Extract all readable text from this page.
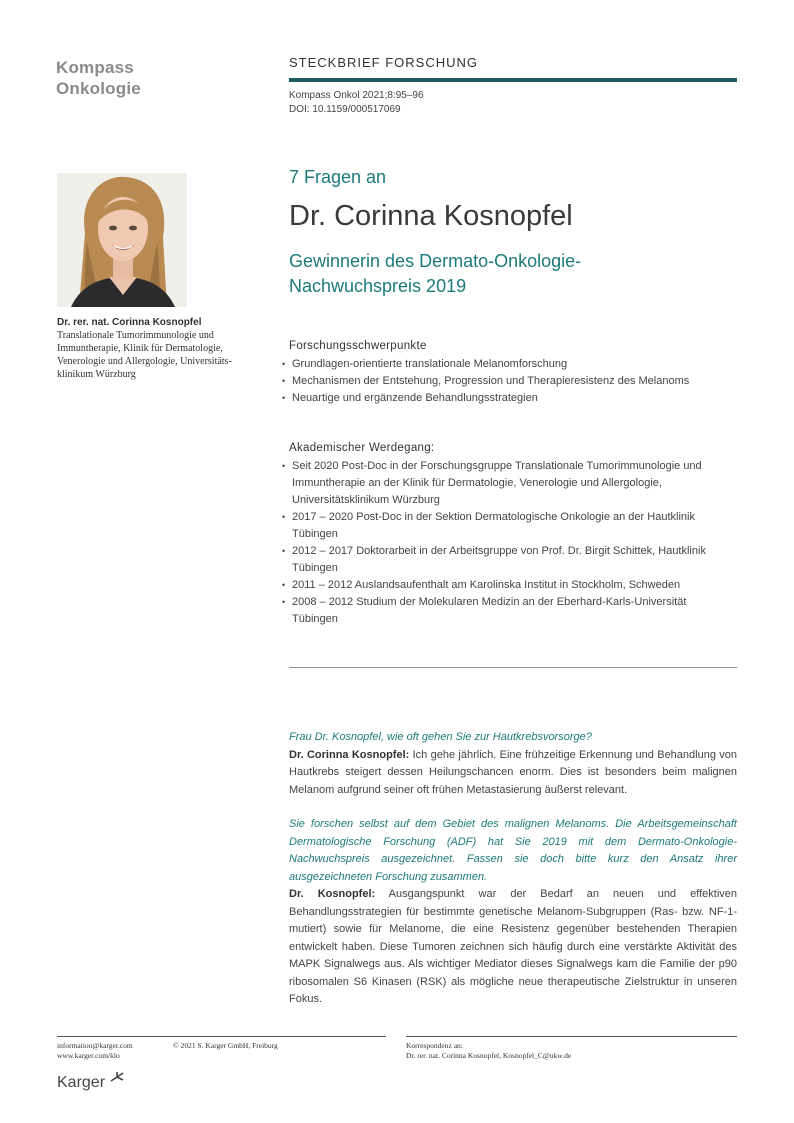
Kompass
Onkologie
STECKBRIEF FORSCHUNG
Kompass Onkol 2021;8:95–96
DOI: 10.1159/000517069
Dr. rer. nat. Corinna Kosnopfel
Translationale Tumorimmunologie und
Immuntherapie, Klinik für Dermatologie,
Venerologie und Allergologie, Universitäts-
klinikum Würzburg
7 Fragen an
Dr. Corinna Kosnopfel
Gewinnerin des Dermato-Onkologie-
Nachwuchspreis 2019
Forschungsschwerpunkte
• Grundlagen-orientierte translationale Melanomforschung
• Mechanismen der Entstehung, Progression und Therapieresistenz des Melanoms
• Neuartige und ergänzende Behandlungsstrategien
Akademischer Werdegang:
• Seit 2020 Post-Doc in der Forschungsgruppe Translationale Tumorimmunologie und Immuntherapie an der Klinik für Dermatologie, Venerologie und Allergologie, Universitätsklinikum Würzburg
• 2017 – 2020 Post-Doc in der Sektion Dermatologische Onkologie an der Hautklinik Tübingen
• 2012 – 2017 Doktorarbeit in der Arbeitsgruppe von Prof. Dr. Birgit Schittek, Hautklinik Tübingen
• 2011 – 2012 Auslandsaufenthalt am Karolinska Institut in Stockholm, Schweden
• 2008 – 2012 Studium der Molekularen Medizin an der Eberhard-Karls-Universität Tübingen
Frau Dr. Kosnopfel, wie oft gehen Sie zur Hautkrebsvorsorge?
Dr. Corinna Kosnopfel: Ich gehe jährlich. Eine frühzeitige Erkennung und Behandlung von Hautkrebs steigert dessen Heilungschancen enorm. Dies ist besonders beim malignen Melanom aufgrund seiner oft frühen Metastasierung äußerst relevant.
Sie forschen selbst auf dem Gebiet des malignen Melanoms. Die Arbeitsgemeinschaft Dermatologische Forschung (ADF) hat Sie 2019 mit dem Dermato-Onkologie-Nachwuchspreis ausgezeichnet. Fassen sie doch bitte kurz den Ansatz ihrer ausgezeichneten Forschung zusammen.
Dr. Kosnopfel: Ausgangspunkt war der Bedarf an neuen und effektiven Behandlungsstrategien für bestimmte genetische Melanom-Subgruppen (Ras- bzw. NF-1-mutiert) sowie für Melanome, die eine Resistenz gegenüber bestehenden Therapien entwickelt haben. Diese Tumoren zeichnen sich häufig durch eine verstärkte Aktivität des MAPK Signalwegs aus. Als wichtiger Mediator dieses Signalwegs kam die Familie der p90 ribosomalen S6 Kinasen (RSK) als mögliche neue therapeutische Zielstruktur in unseren Fokus.
information@karger.com
www.karger.com/klo
© 2021 S. Karger GmbH, Freiburg	Korrespondenz an:
Dr. rer. nat. Corinna Kosnopfel, Kosnopfel_C@ukw.de
Karger
